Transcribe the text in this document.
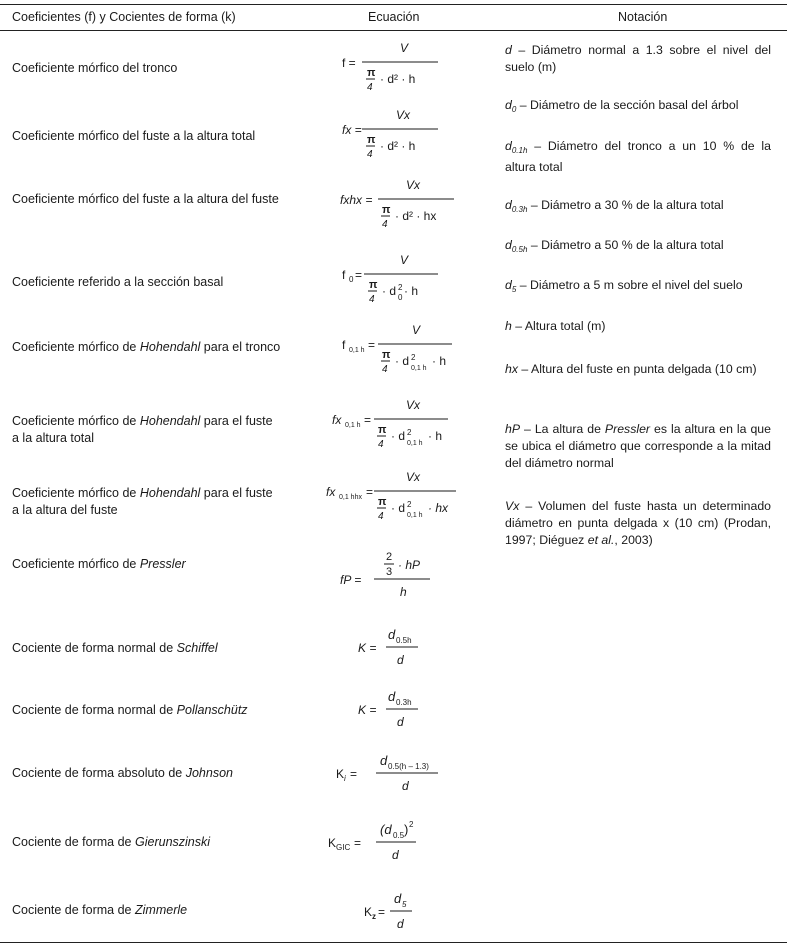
Coeficientes (f) y Cocientes de forma (k)	Ecuación	Notación
Coeficiente mórfico del tronco
Coeficiente mórfico del fuste a la altura total
Coeficiente mórfico del fuste a la altura del fuste
Coeficiente referido a la sección basal
Coeficiente mórfico de Hohendahl para el tronco
Coeficiente mórfico de Hohendahl para el fuste a la altura total
Coeficiente mórfico de Hohendahl para el fuste a la altura del fuste
Coeficiente mórfico de Pressler
Cociente de forma normal de Schiffel
Cociente de forma normal de Pollanschütz
Cociente de forma absoluto de Johnson
Cociente de forma de Gierunszinski
Cociente de forma de Zimmerle
f =
V
π
4
· d² · h
fx =
Vx
π
4
· d² · h
fxhx =
Vx
π
4
· d² · hx
f 0 =
V
π
4
· d 2
0 · h
f 0,1 h =
V
π
4
· d 2
0,1 h
· h
fx 0,1 h =
Vx
π
4
· d 2
0,1 h
· h
fx 0,1 hhx =
Vx
π
4
· d 2
0,1 h
· hx
fP =
2
3 · hP
h
K =
d 0.5h
d
K =
d 0.3h
d
K i =
d 0.5(h – 1.3)
d
K GIC =
(d 0.5 ) 2
d
K z =
d 5
d
d – Diámetro normal a 1.3 sobre el nivel del suelo (m)
$d_0$ – Diámetro de la sección basal del árbol
$d_{0.1h}$ – Diámetro del tronco a un 10 % de la altura total
$d_{0.3h}$ – Diámetro a 30 % de la altura total
$d_{0.5h}$ – Diámetro a 50 % de la altura total
$d_5$ – Diámetro a 5 m sobre el nivel del suelo
h – Altura total (m)
hx – Altura del fuste en punta delgada (10 cm)
hP – La altura de Pressler es la altura en la que se ubica el diámetro que corresponde a la mitad del diámetro normal
Vx – Volumen del fuste hasta un determinado diámetro en punta delgada x (10 cm) (Prodan, 1997; Diéguez et al., 2003)
